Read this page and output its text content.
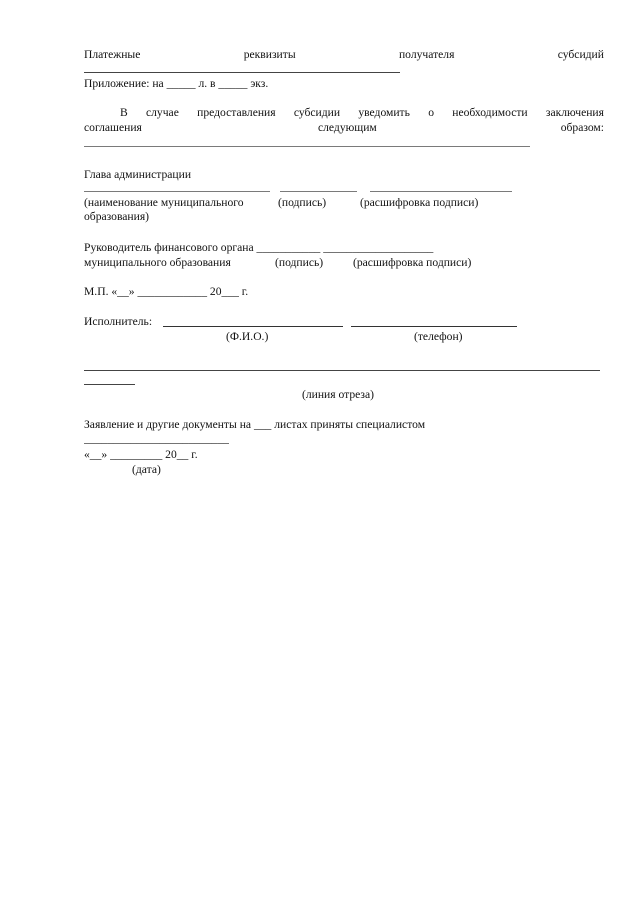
Платежные	реквизиты	получателя	субсидий
Приложение: на _____ л. в _____ экз.
В случае предоставления субсидии уведомить о необходимости заключения
соглашения	следующим	образом:
Глава администрации
(наименование муниципального	(подпись)	(расшифровка подписи)
образования)
Руководитель финансового органа ___________ ___________________
муниципального образования	(подпись)	(расшифровка подписи)
М.П. «__» ____________ 20___ г.
Исполнитель:
(Ф.И.О.)	(телефон)
(линия отреза)
Заявление и другие документы на ___ листах приняты специалистом
_________________________
«__» _________ 20__ г.
(дата)
